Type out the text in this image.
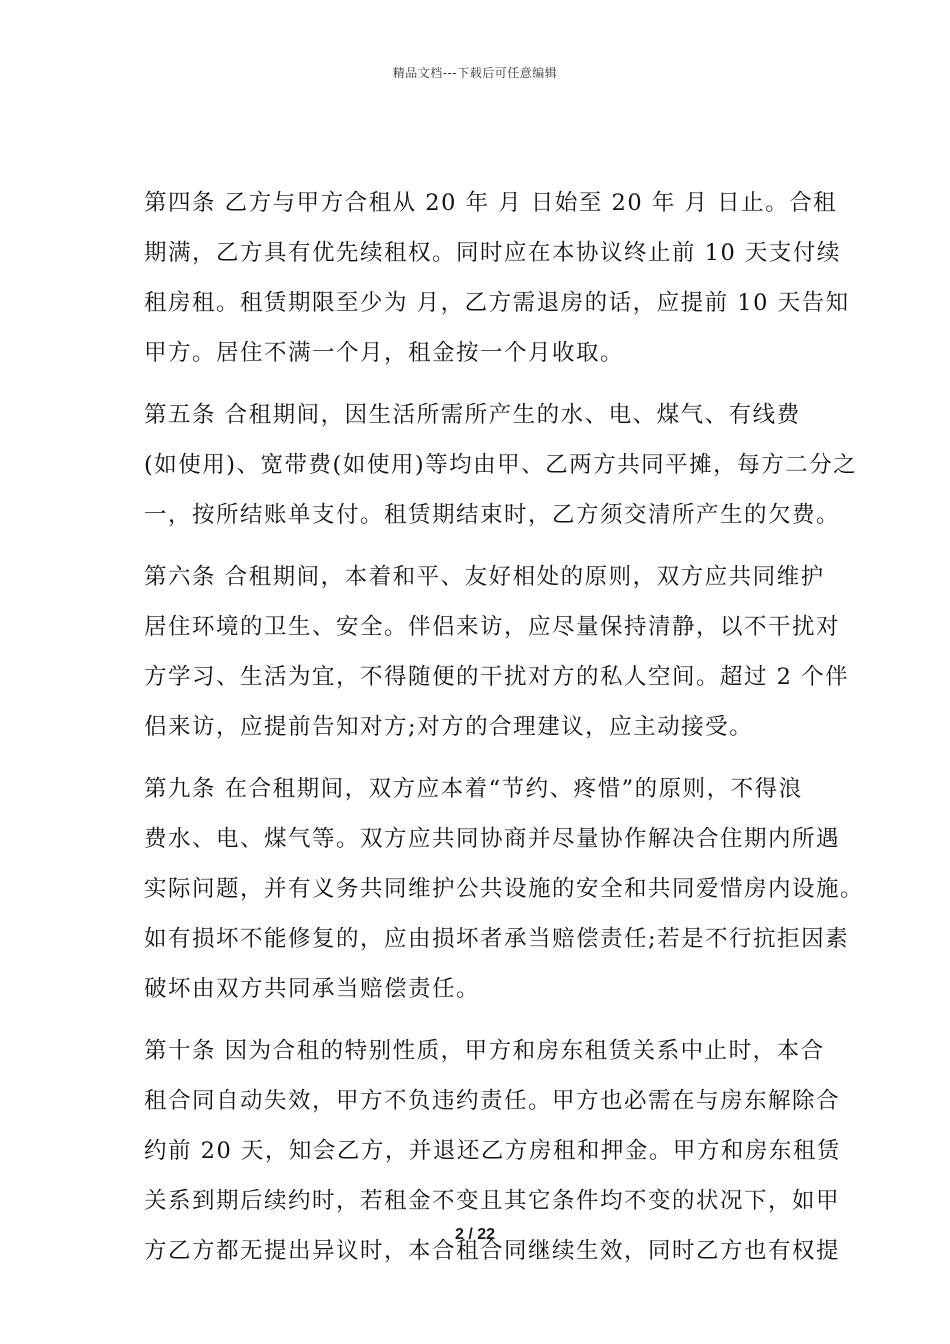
精品文档---下载后可任意编辑
第四条 乙方与甲方合租从 20 年 月 日始至 20 年 月 日止。合租
期满，乙方具有优先续租权。同时应在本协议终止前 10 天支付续
租房租。租赁期限至少为 月，乙方需退房的话，应提前 10 天告知
甲方。居住不满一个月，租金按一个月收取。
第五条 合租期间，因生活所需所产生的水、电、煤气、有线费
(如使用)、宽带费(如使用)等均由甲、乙两方共同平摊，每方二分之
一，按所结账单支付。租赁期结束时，乙方须交清所产生的欠费。
第六条 合租期间，本着和平、友好相处的原则，双方应共同维护
居住环境的卫生、安全。伴侣来访，应尽量保持清静，以不干扰对
方学习、生活为宜，不得随便的干扰对方的私人空间。超过 2 个伴
侣来访，应提前告知对方;对方的合理建议，应主动接受。
第九条 在合租期间，双方应本着“节约、疼惜”的原则，不得浪
费水、电、煤气等。双方应共同协商并尽量协作解决合住期内所遇
实际问题，并有义务共同维护公共设施的安全和共同爱惜房内设施。
如有损坏不能修复的，应由损坏者承当赔偿责任;若是不行抗拒因素
破坏由双方共同承当赔偿责任。
第十条 因为合租的特别性质，甲方和房东租赁关系中止时，本合
租合同自动失效，甲方不负违约责任。甲方也必需在与房东解除合
约前 20 天，知会乙方，并退还乙方房租和押金。甲方和房东租赁
关系到期后续约时，若租金不变且其它条件均不变的状况下，如甲
方乙方都无提出异议时，本合租合同继续生效，同时乙方也有权提
2 / 22
